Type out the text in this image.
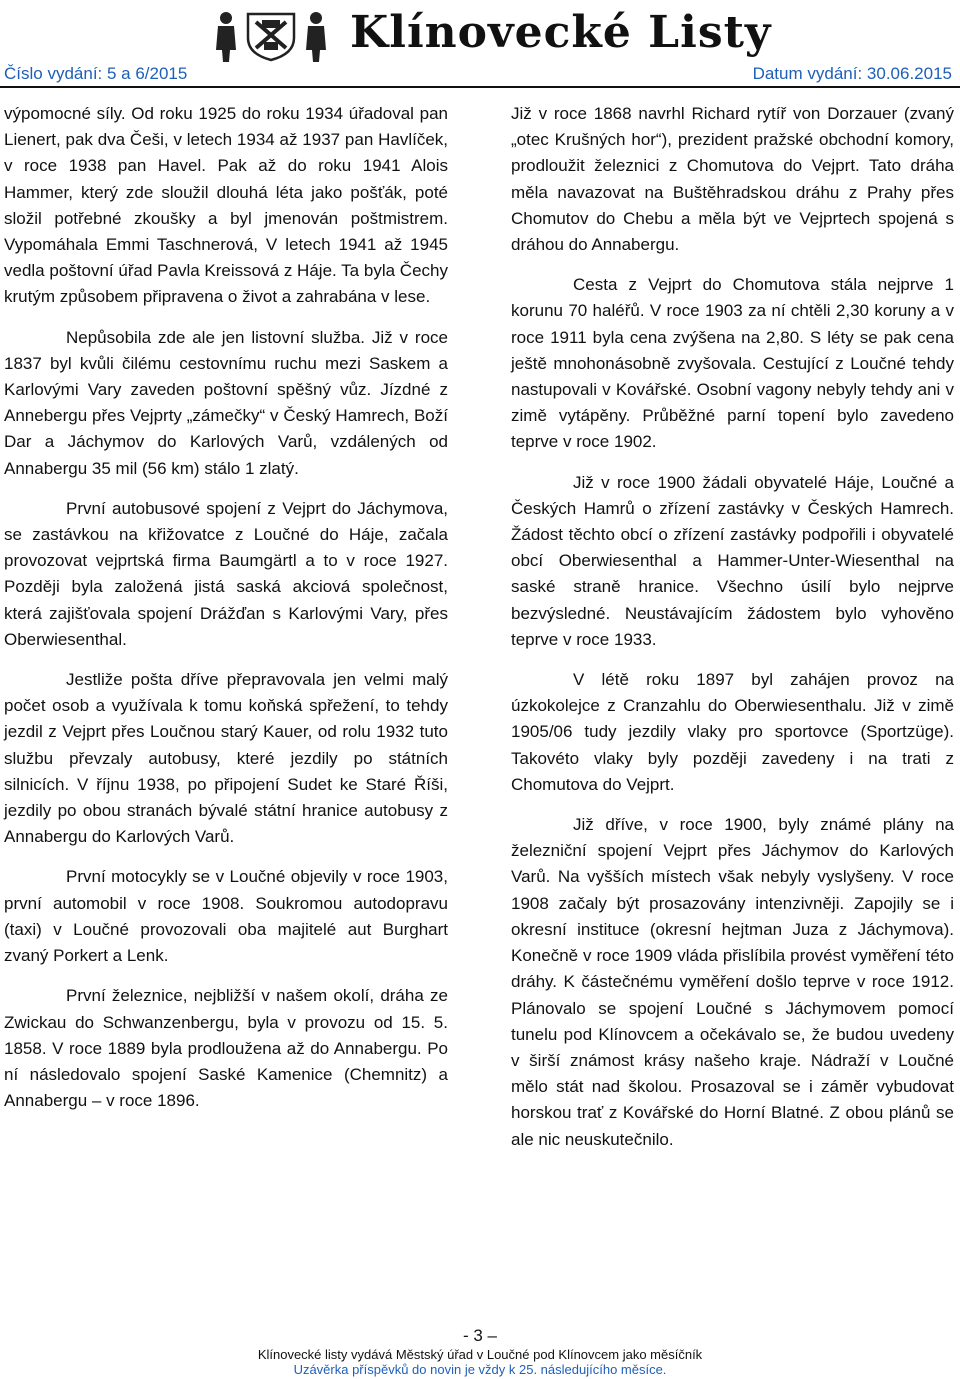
Klínovecké Listy
Číslo vydání: 5 a 6/2015	Datum vydání: 30.06.2015

výpomocné síly. Od roku 1925 do roku 1934 úřadoval pan Lienert, pak dva Češi, v letech 1934 až 1937 pan Havlíček, v roce 1938 pan Havel. Pak až do roku 1941 Alois Hammer, který zde sloužil dlouhá léta jako pošťák, poté složil potřebné zkoušky a byl jmenován poštmistrem. Vypomáhala Emmi Taschnerová, V letech 1941 až 1945 vedla poštovní úřad Pavla Kreissová z Háje. Ta byla Čechy krutým způsobem připravena o život a zahrabána v lese.

Nepůsobila zde ale jen listovní služba. Již v roce 1837 byl kvůli čilému cestovnímu ruchu mezi Saskem a Karlovými Vary zaveden poštovní spěšný vůz. Jízdné z Annebergu přes Vejprty „zámečky“ v Český Hamrech, Boží Dar a Jáchymov do Karlových Varů, vzdálených od Annabergu 35 mil (56 km) stálo 1 zlatý.

První autobusové spojení z Vejprt do Jáchymova, se zastávkou na křižovatce z Loučné do Háje, začala provozovat vejprtská firma Baumgärtl a to v roce 1927. Později byla založená jistá saská akciová společnost, která zajišťovala spojení Drážďan s Karlovými Vary, přes Oberwiesenthal.

Jestliže pošta dříve přepravovala jen velmi malý počet osob a využívala k tomu koňská spřežení, to tehdy jezdil z Vejprt přes Loučnou starý Kauer, od rolu 1932 tuto službu převzaly autobusy, které jezdily po státních silnicích. V říjnu 1938, po připojení Sudet ke Staré Říši, jezdily po obou stranách bývalé státní hranice autobusy z Annabergu do Karlových Varů.

První motocykly se v Loučné objevily v roce 1903, první automobil v roce 1908. Soukromou autodopravu (taxi) v Loučné provozovali oba majitelé aut Burghart zvaný Porkert a Lenk.

První železnice, nejbližší v našem okolí, dráha ze Zwickau do Schwanzenbergu, byla v provozu od 15. 5. 1858. V roce 1889 byla prodloužena až do Annabergu. Po ní následovalo spojení Saské Kamenice (Chemnitz) a Annabergu – v roce 1896.

Již v roce 1868 navrhl Richard rytíř von Dorzauer (zvaný „otec Krušných hor“), prezident pražské obchodní komory, prodloužit železnici z Chomutova do Vejprt. Tato dráha měla navazovat na Buštěhradskou dráhu z Prahy přes Chomutov do Chebu a měla být ve Vejprtech spojená s dráhou do Annabergu.

Cesta z Vejprt do Chomutova stála nejprve 1 korunu 70 haléřů. V roce 1903 za ní chtěli 2,30 koruny a v roce 1911 byla cena zvýšena na 2,80. S léty se pak cena ještě mnohonásobně zvyšovala. Cestující z Loučné tehdy nastupovali v Kovářské. Osobní vagony nebyly tehdy ani v zimě vytápěny. Průběžné parní topení bylo zavedeno teprve v roce 1902.

Již v roce 1900 žádali obyvatelé Háje, Loučné a Českých Hamrů o zřízení zastávky v Českých Hamrech. Žádost těchto obcí o zřízení zastávky podpořili i obyvatelé obcí Oberwiesenthal a Hammer-Unter-Wiesenthal na saské straně hranice. Všechno úsilí bylo nejprve bezvýsledné. Neustávajícím žádostem bylo vyhověno teprve v roce 1933.

V létě roku 1897 byl zahájen provoz na úzkokolejce z Cranzahlu do Oberwiesenthalu. Již v zimě 1905/06 tudy jezdily vlaky pro sportovce (Sportzüge). Takovéto vlaky byly později zavedeny i na trati z Chomutova do Vejprt.

Již dříve, v roce 1900, byly známé plány na železniční spojení Vejprt přes Jáchymov do Karlových Varů. Na vyšších místech však nebyly vyslyšeny. V roce 1908 začaly být prosazovány intenzivněji. Zapojily se i okresní instituce (okresní hejtman Juza z Jáchymova). Konečně v roce 1909 vláda přislíbila provést vyměření této dráhy. K částečnému vyměření došlo teprve v roce 1912. Plánovalo se spojení Loučné s Jáchymovem pomocí tunelu pod Klínovcem a očekávalo se, že budou uvedeny v širší známost krásy našeho kraje. Nádraží v Loučné mělo stát nad školou. Prosazoval se i záměr vybudovat horskou trať z Kovářské do Horní Blatné. Z obou plánů se ale nic neuskutečnilo.

- 3 –
Klínovecké listy vydává Městský úřad v Loučné pod Klínovcem jako měsíčník
Uzávěrka příspěvků do novin je vždy k 25. následujícího měsíce.
